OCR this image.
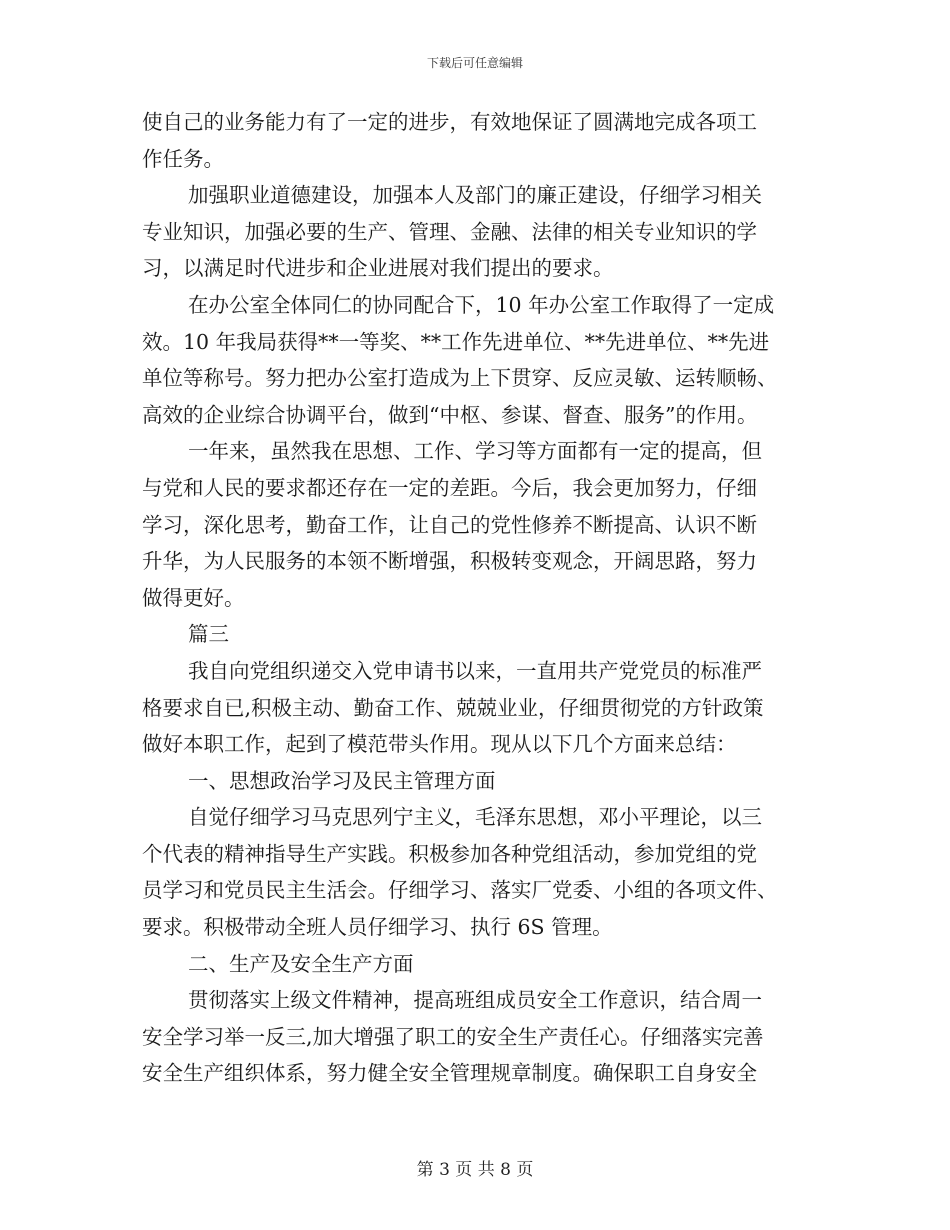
下载后可任意编辑
使自己的业务能力有了一定的进步，有效地保证了圆满地完成各项工
作任务。
加强职业道德建设，加强本人及部门的廉正建设，仔细学习相关
专业知识，加强必要的生产、管理、金融、法律的相关专业知识的学
习，以满足时代进步和企业进展对我们提出的要求。
在办公室全体同仁的协同配合下，10 年办公室工作取得了一定成
效。10 年我局获得**一等奖、**工作先进单位、**先进单位、**先进
单位等称号。努力把办公室打造成为上下贯穿、反应灵敏、运转顺畅、
高效的企业综合协调平台，做到“中枢、参谋、督查、服务”的作用。
一年来，虽然我在思想、工作、学习等方面都有一定的提高，但
与党和人民的要求都还存在一定的差距。今后，我会更加努力，仔细
学习，深化思考，勤奋工作，让自己的党性修养不断提高、认识不断
升华，为人民服务的本领不断增强，积极转变观念，开阔思路，努力
做得更好。
篇三
我自向党组织递交入党申请书以来，一直用共产党党员的标准严
格要求自已,积极主动、勤奋工作、兢兢业业，仔细贯彻党的方针政策
做好本职工作，起到了模范带头作用。现从以下几个方面来总结：
一、思想政治学习及民主管理方面
自觉仔细学习马克思列宁主义，毛泽东思想，邓小平理论，以三
个代表的精神指导生产实践。积极参加各种党组活动，参加党组的党
员学习和党员民主生活会。仔细学习、落实厂党委、小组的各项文件、
要求。积极带动全班人员仔细学习、执行 6S 管理。
二、生产及安全生产方面
贯彻落实上级文件精神，提高班组成员安全工作意识，结合周一
安全学习举一反三,加大增强了职工的安全生产责任心。仔细落实完善
安全生产组织体系，努力健全安全管理规章制度。确保职工自身安全
第 3 页 共 8 页
